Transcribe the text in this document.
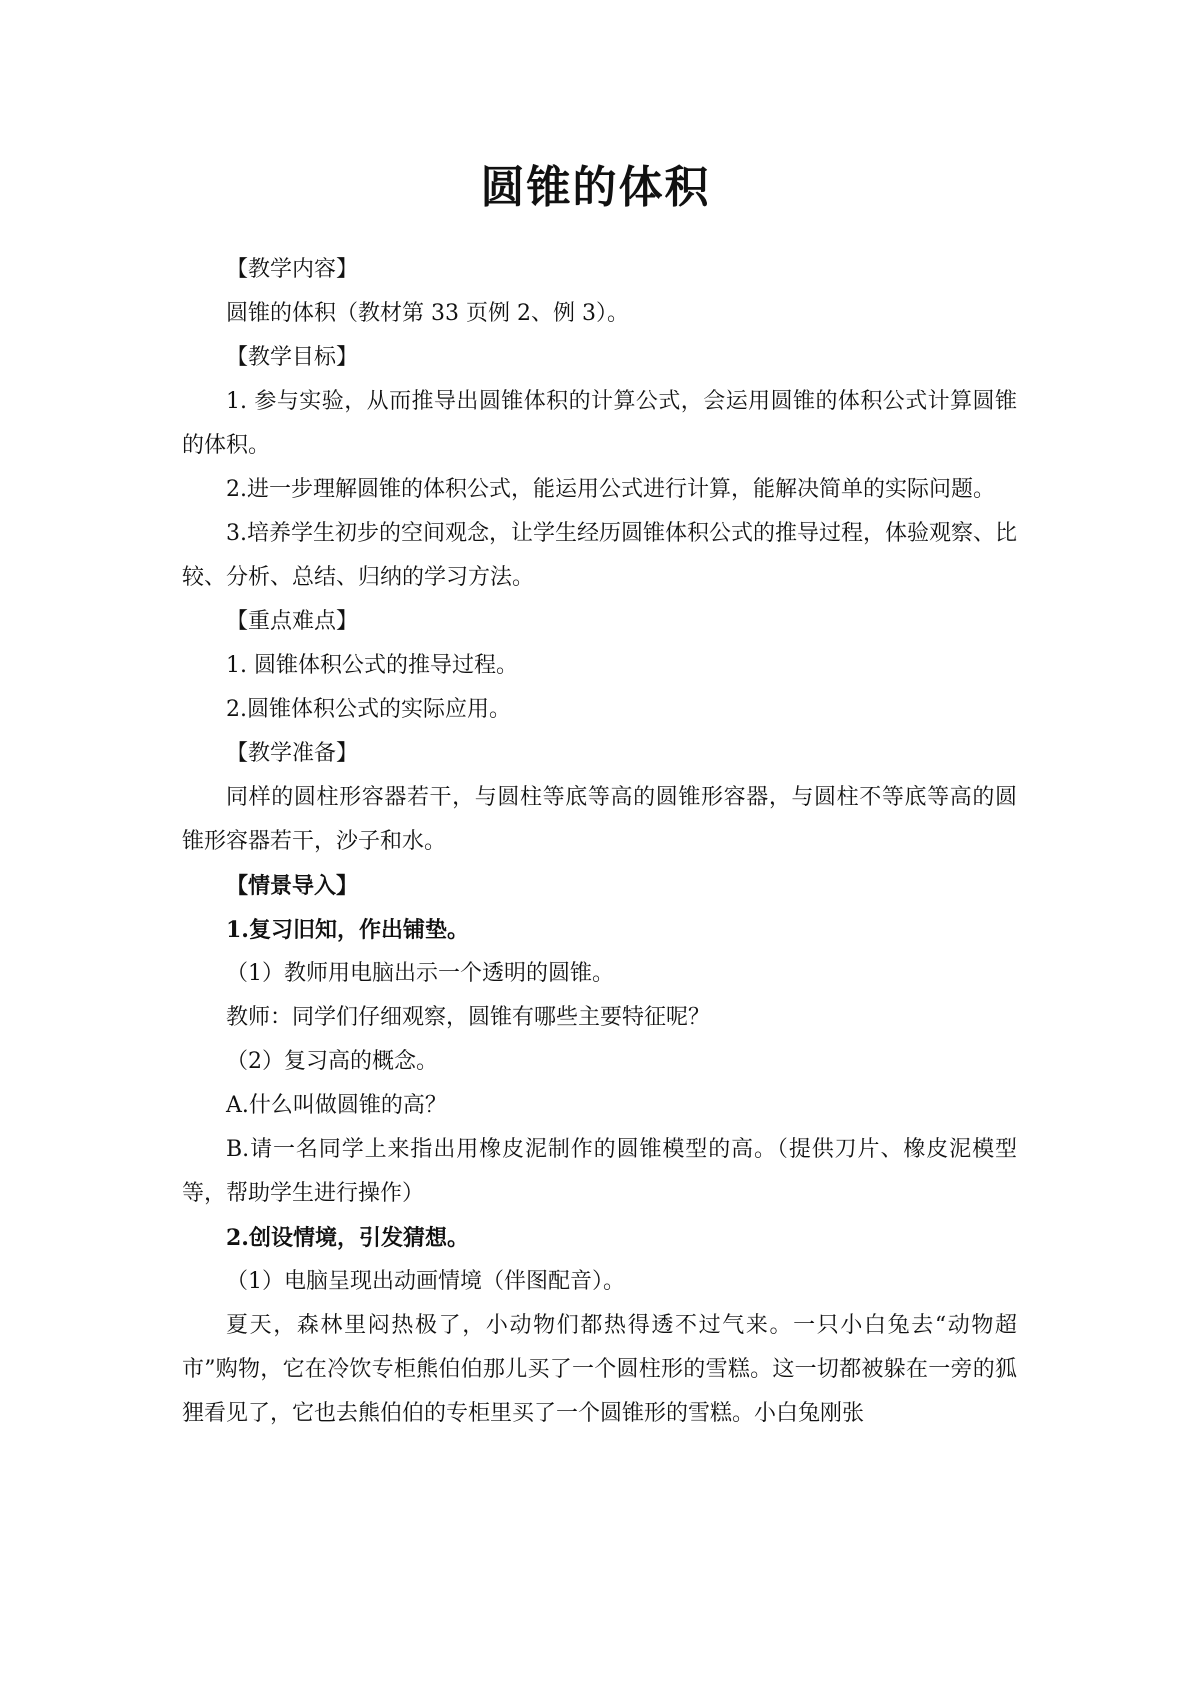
圆锥的体积

【教学内容】

圆锥的体积（教材第 33 页例 2、例 3）。

【教学目标】

1. 参与实验，从而推导出圆锥体积的计算公式，会运用圆锥的体积公式计算圆锥的体积。

2.进一步理解圆锥的体积公式，能运用公式进行计算，能解决简单的实际问题。

3.培养学生初步的空间观念，让学生经历圆锥体积公式的推导过程，体验观察、比较、分析、总结、归纳的学习方法。

【重点难点】

1. 圆锥体积公式的推导过程。

2.圆锥体积公式的实际应用。

【教学准备】

同样的圆柱形容器若干，与圆柱等底等高的圆锥形容器，与圆柱不等底等高的圆锥形容器若干，沙子和水。

【情景导入】

1.复习旧知，作出铺垫。

（1）教师用电脑出示一个透明的圆锥。

教师：同学们仔细观察，圆锥有哪些主要特征呢？

（2）复习高的概念。

A.什么叫做圆锥的高？

B.请一名同学上来指出用橡皮泥制作的圆锥模型的高。（提供刀片、橡皮泥模型等，帮助学生进行操作）

2.创设情境，引发猜想。

（1）电脑呈现出动画情境（伴图配音）。

夏天，森林里闷热极了，小动物们都热得透不过气来。一只小白兔去“动物超市”购物，它在冷饮专柜熊伯伯那儿买了一个圆柱形的雪糕。这一切都被躲在一旁的狐狸看见了，它也去熊伯伯的专柜里买了一个圆锥形的雪糕。小白兔刚张
